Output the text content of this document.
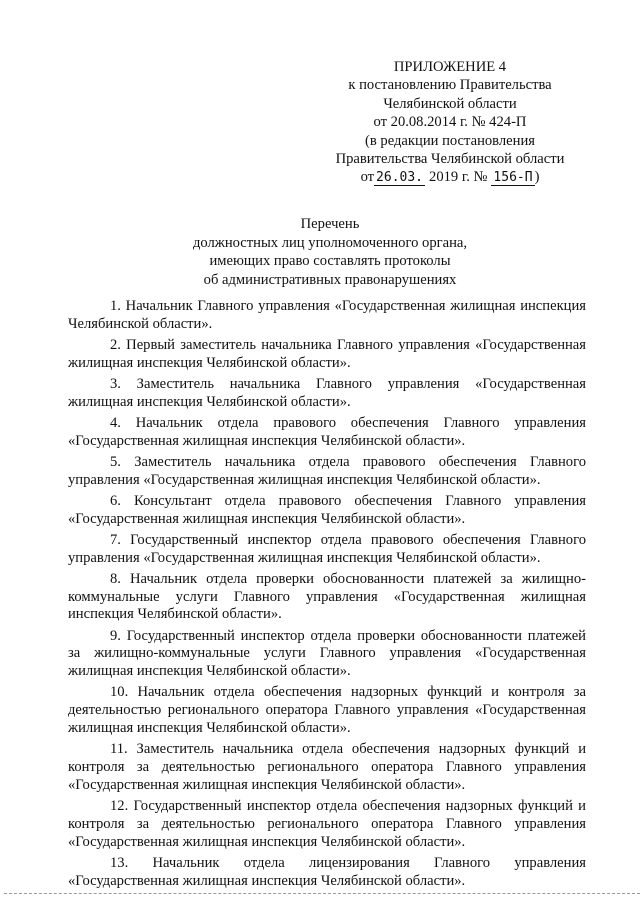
ПРИЛОЖЕНИЕ 4
к постановлению Правительства
Челябинской области
от 20.08.2014 г. № 424-П
(в редакции постановления
Правительства Челябинской области
от 26.03. 2019 г. № 156-П )
Перечень
должностных лиц уполномоченного органа,
имеющих право составлять протоколы
об административных правонарушениях

1. Начальник Главного управления «Государственная жилищная инспекция Челябинской области».

2. Первый заместитель начальника Главного управления «Государственная жилищная инспекция Челябинской области».

3. Заместитель начальника Главного управления «Государственная жилищная инспекция Челябинской области».

4. Начальник отдела правового обеспечения Главного управления «Государственная жилищная инспекция Челябинской области».

5. Заместитель начальника отдела правового обеспечения Главного управления «Государственная жилищная инспекция Челябинской области».

6. Консультант отдела правового обеспечения Главного управления «Государственная жилищная инспекция Челябинской области».

7. Государственный инспектор отдела правового обеспечения Главного управления «Государственная жилищная инспекция Челябинской области».

8. Начальник отдела проверки обоснованности платежей за жилищно-коммунальные услуги Главного управления «Государственная жилищная инспекция Челябинской области».

9. Государственный инспектор отдела проверки обоснованности платежей за жилищно-коммунальные услуги Главного управления «Государственная жилищная инспекция Челябинской области».

10. Начальник отдела обеспечения надзорных функций и контроля за деятельностью регионального оператора Главного управления «Государственная жилищная инспекция Челябинской области».

11. Заместитель начальника отдела обеспечения надзорных функций и контроля за деятельностью регионального оператора Главного управления «Государственная жилищная инспекция Челябинской области».

12. Государственный инспектор отдела обеспечения надзорных функций и контроля за деятельностью регионального оператора Главного управления «Государственная жилищная инспекция Челябинской области».

13. Начальник отдела лицензирования Главного управления «Государственная жилищная инспекция Челябинской области».
